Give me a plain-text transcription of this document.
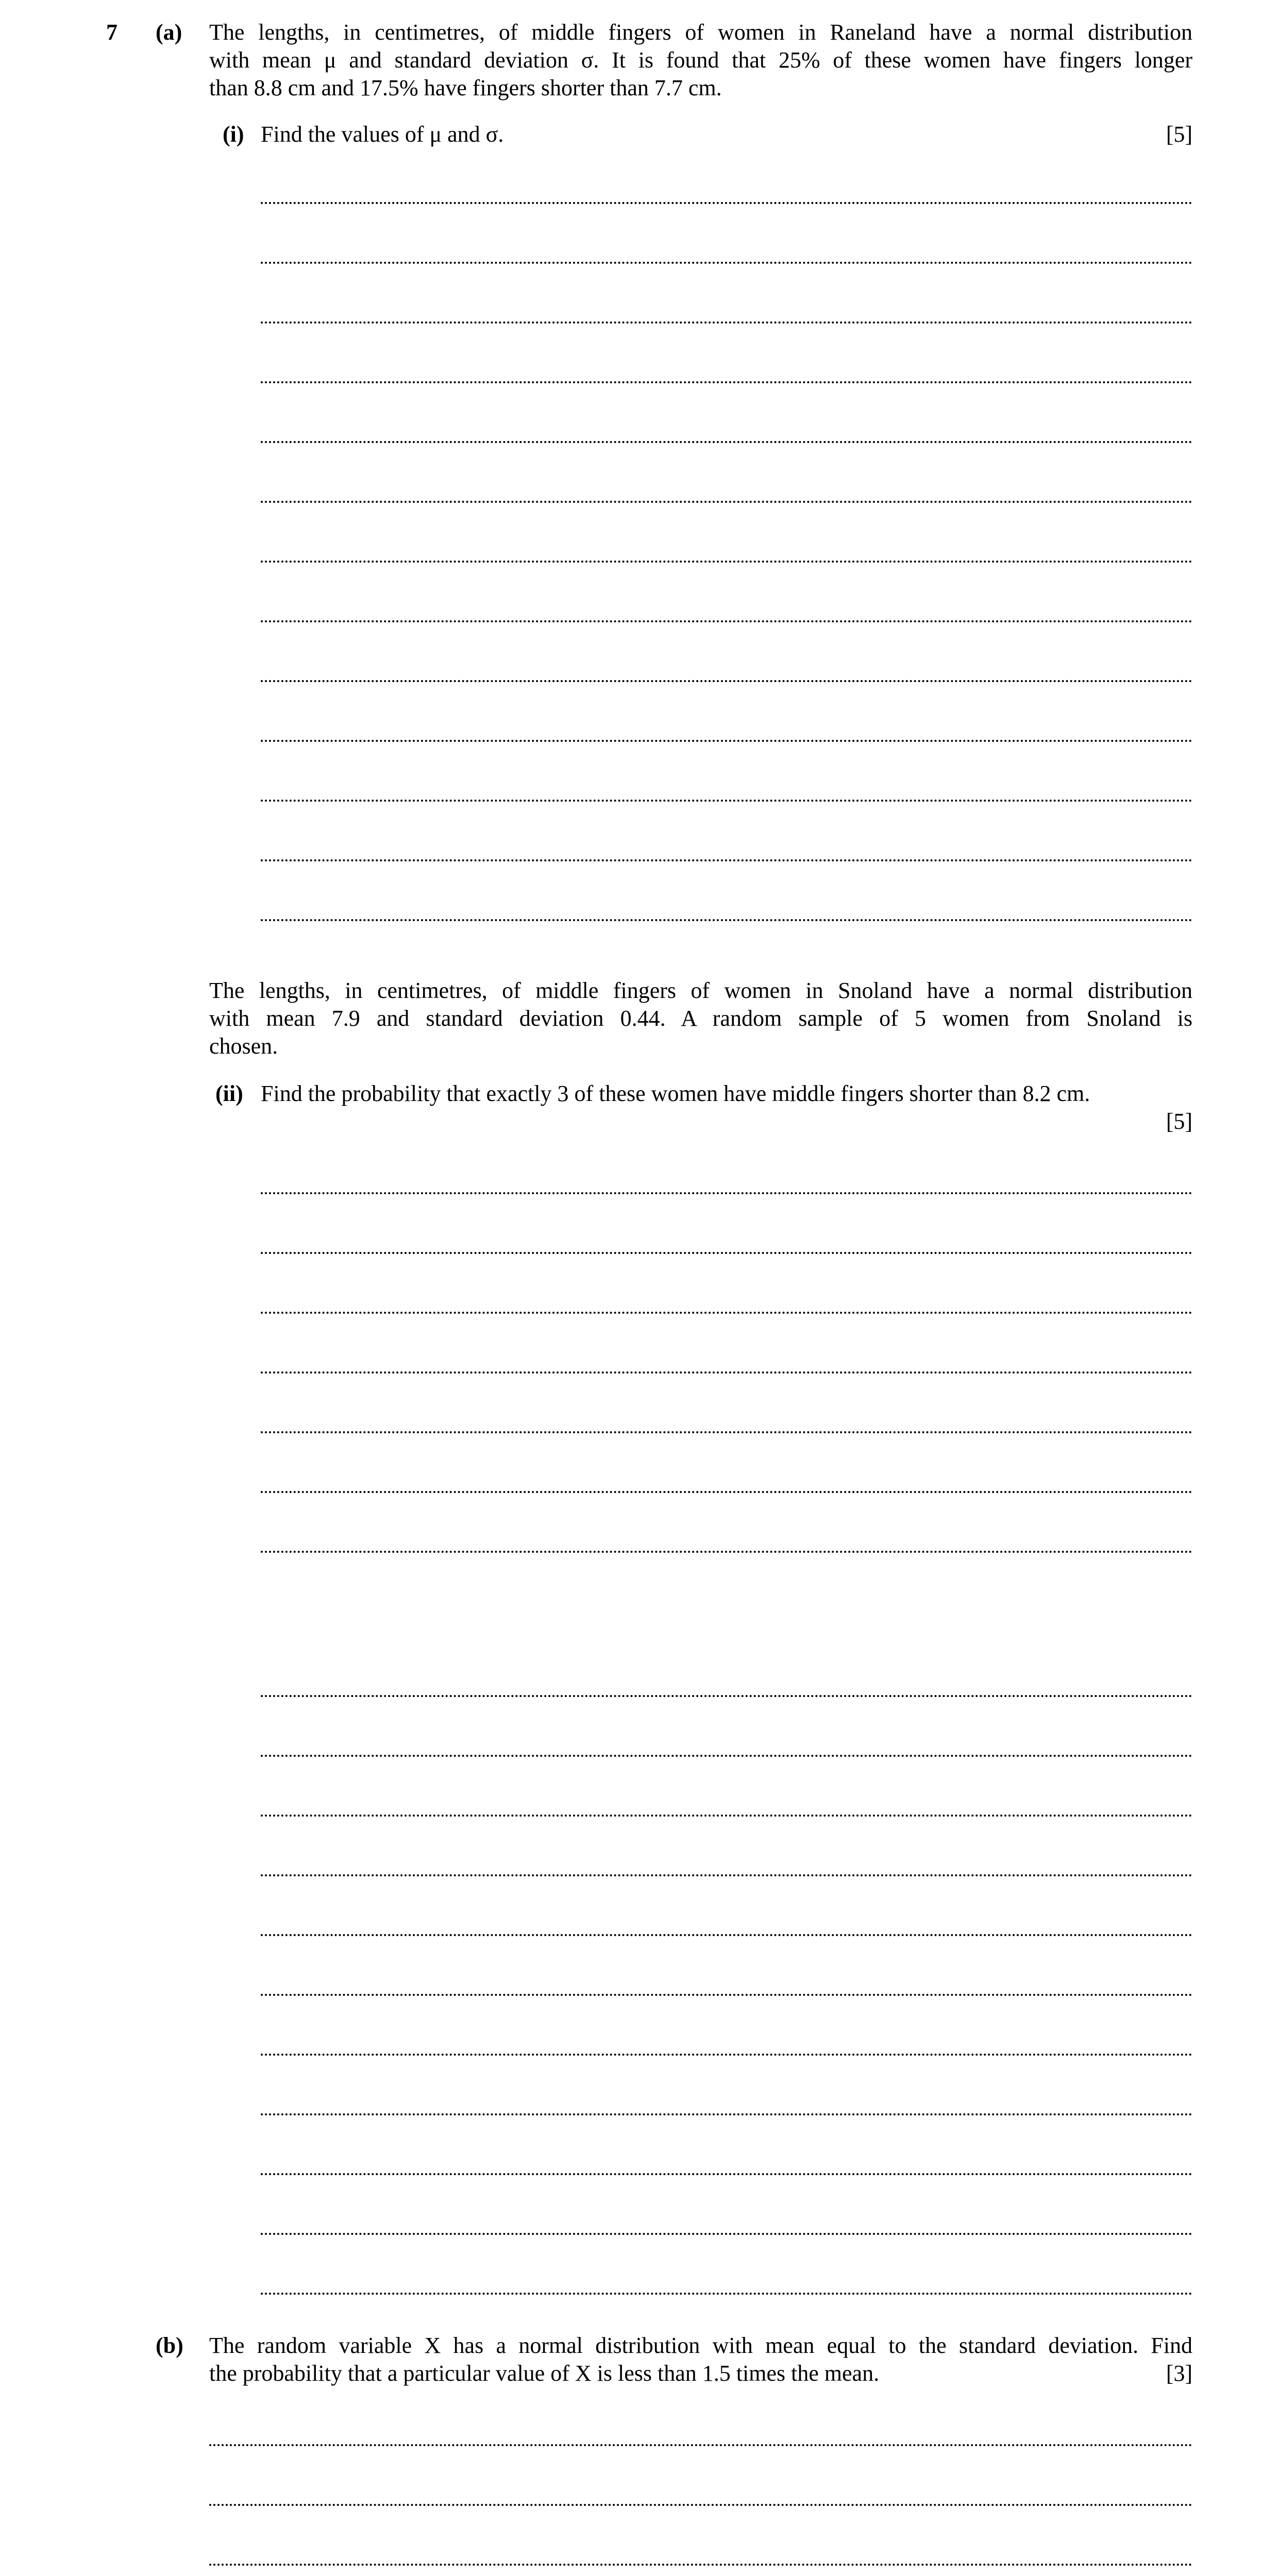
7 (a) The lengths, in centimetres, of middle fingers of women in Raneland have a normal distribution
with mean μ and standard deviation σ. It is found that 25% of these women have fingers longer
than 8.8 cm and 17.5% have fingers shorter than 7.7 cm.
(i) Find the values of μ and σ.	[5]
The lengths, in centimetres, of middle fingers of women in Snoland have a normal distribution
with mean 7.9 and standard deviation 0.44. A random sample of 5 women from Snoland is
chosen.
(ii) Find the probability that exactly 3 of these women have middle fingers shorter than 8.2 cm.
[5]
(b) The random variable X has a normal distribution with mean equal to the standard deviation. Find
the probability that a particular value of X is less than 1.5 times the mean.	[3]
